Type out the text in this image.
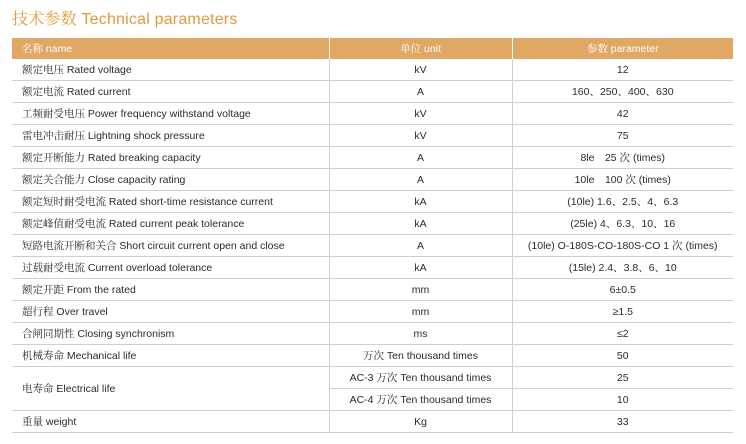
技术参数 Technical parameters
名称 name	单位 unit	参数 parameter
额定电压 Rated voltage	kV	12
额定电流 Rated current	A	160、250、400、630
工频耐受电压 Power frequency withstand voltage	kV	42
雷电冲击耐压 Lightning shock pressure	kV	75
额定开断能力 Rated breaking capacity	A	8le　25 次 (times)
额定关合能力 Close capacity rating	A	10le　100 次 (times)
额定短时耐受电流 Rated short-time resistance current	kA	(10le) 1.6、2.5、4、6.3
额定峰值耐受电流 Rated current peak tolerance	kA	(25le) 4、6.3、10、16
短路电流开断和关合 Short circuit current open and close	A	(10le) O-180S-CO-180S-CO 1 次 (times)
过载耐受电流 Current overload tolerance	kA	(15le) 2.4、3.8、6、10
额定开距 From the rated	mm	6±0.5
超行程 Over travel	mm	≥1.5
合闸同期性 Closing synchronism	ms	≤2
机械寿命 Mechanical life	万次 Ten thousand times	50
电寿命 Electrical life	AC-3 万次 Ten thousand times	25
	AC-4 万次 Ten thousand times	10
重量 weight	Kg	33
